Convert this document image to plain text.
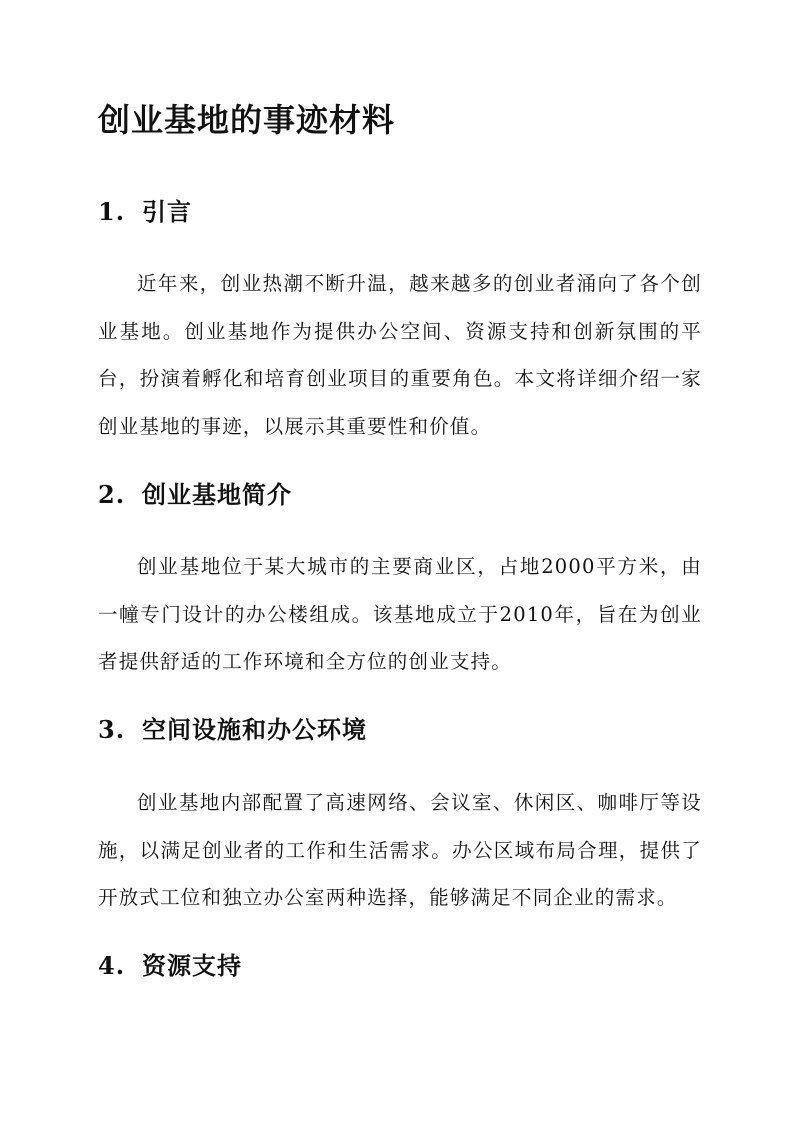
创业基地的事迹材料
1. 引言

近年来，创业热潮不断升温，越来越多的创业者涌向了各个创业基地。创业基地作为提供办公空间、资源支持和创新氛围的平台，扮演着孵化和培育创业项目的重要角色。本文将详细介绍一家创业基地的事迹，以展示其重要性和价值。

2. 创业基地简介

创业基地位于某大城市的主要商业区，占地2000平方米，由一幢专门设计的办公楼组成。该基地成立于2010年，旨在为创业者提供舒适的工作环境和全方位的创业支持。

3. 空间设施和办公环境

创业基地内部配置了高速网络、会议室、休闲区、咖啡厅等设施，以满足创业者的工作和生活需求。办公区域布局合理，提供了开放式工位和独立办公室两种选择，能够满足不同企业的需求。

4. 资源支持
